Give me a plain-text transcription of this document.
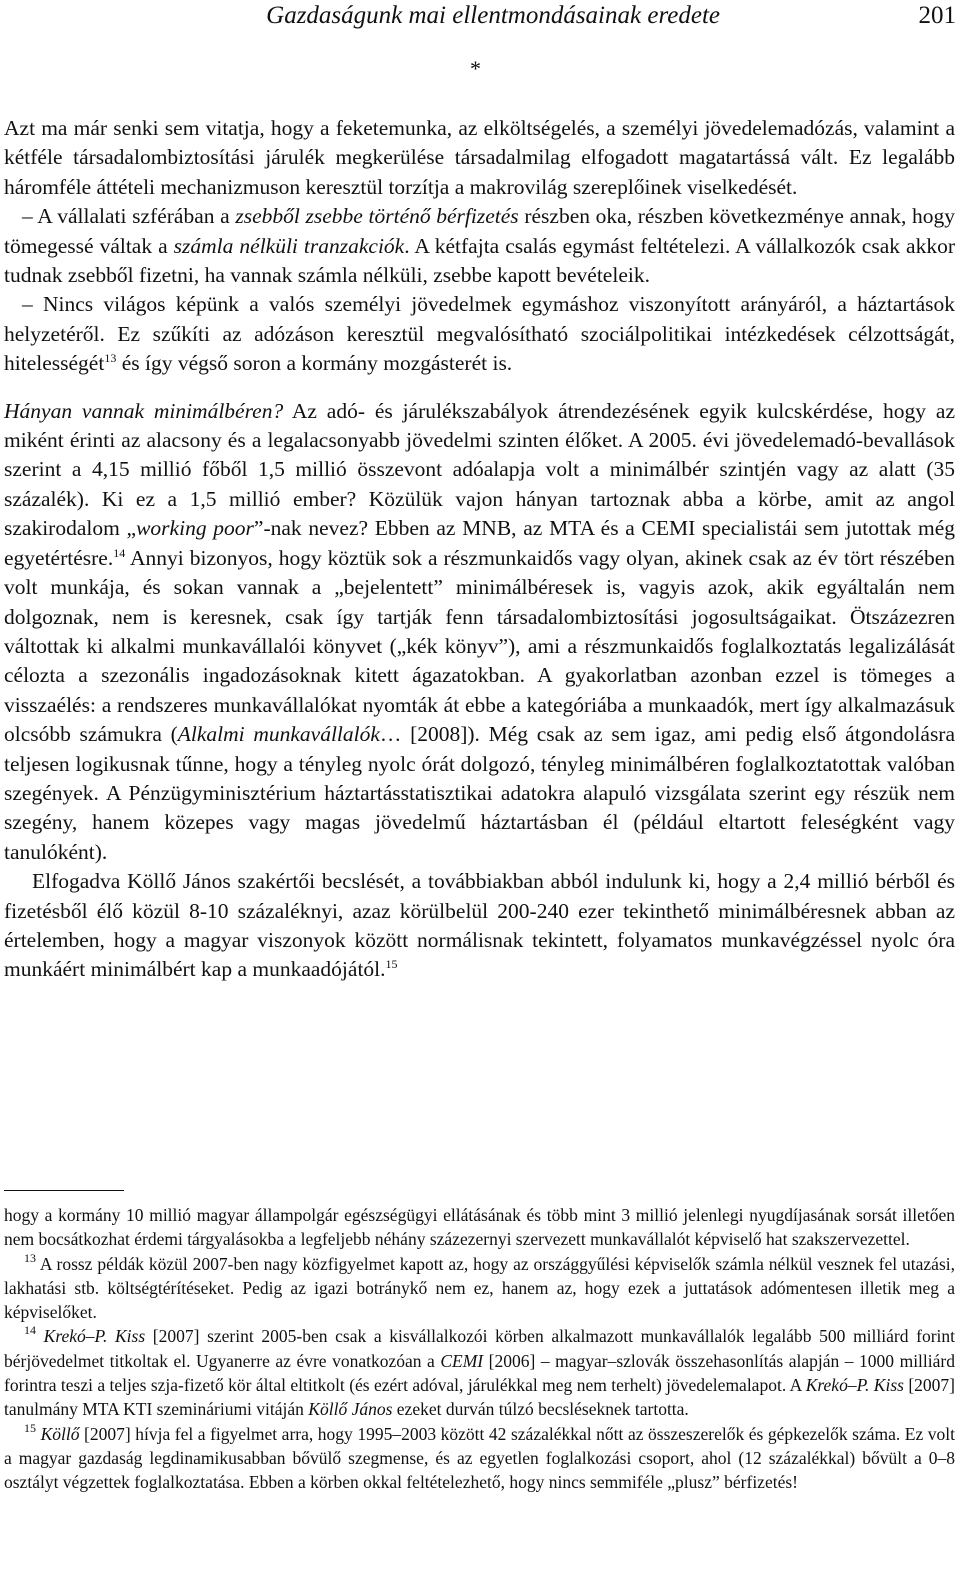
Gazdaságunk mai ellentmondásainak eredete	201
*

Azt ma már senki sem vitatja, hogy a feketemunka, az elköltségelés, a személyi jövedelemadózás, valamint a kétféle társadalombiztosítási járulék megkerülése társadalmilag elfogadott magatartássá vált. Ez legalább háromféle áttételi mechanizmuson keresztül torzítja a makrovilág szereplőinek viselkedését.

– A vállalati szférában a zsebből zsebbe történő bérfizetés részben oka, részben következménye annak, hogy tömegessé váltak a számla nélküli tranzakciók. A kétfajta csalás egymást feltételezi. A vállalkozók csak akkor tudnak zsebből fizetni, ha vannak számla nélküli, zsebbe kapott bevételeik.

– Nincs világos képünk a valós személyi jövedelmek egymáshoz viszonyított arányáról, a háztartások helyzetéről. Ez szűkíti az adózáson keresztül megvalósítható szociálpolitikai intézkedések célzottságát, hitelességét$^{13}$ és így végső soron a kormány mozgásterét is.

Hányan vannak minimálbéren? Az adó- és járulékszabályok átrendezésének egyik kulcskérdése, hogy az miként érinti az alacsony és a legalacsonyabb jövedelmi szinten élőket. A 2005. évi jövedelemadó-bevallások szerint a 4,15 millió főből 1,5 millió összevont adóalapja volt a minimálbér szintjén vagy az alatt (35 százalék). Ki ez a 1,5 millió ember? Közülük vajon hányan tartoznak abba a körbe, amit az angol szakirodalom „working poor”-nak nevez? Ebben az MNB, az MTA és a CEMI specialistái sem jutottak még egyetértésre.$^{14}$ Annyi bizonyos, hogy köztük sok a részmunkaidős vagy olyan, akinek csak az év tört részében volt munkája, és sokan vannak a „bejelentett” minimálbéresek is, vagyis azok, akik egyáltalán nem dolgoznak, nem is keresnek, csak így tartják fenn társadalombiztosítási jogosultságaikat. Ötszázezren váltottak ki alkalmi munkavállalói könyvet („kék könyv”), ami a részmunkaidős foglalkoztatás legalizálását célozta a szezonális ingadozásoknak kitett ágazatokban. A gyakorlatban azonban ezzel is tömeges a visszaélés: a rendszeres munkavállalókat nyomták át ebbe a kategóriába a munkaadók, mert így alkalmazásuk olcsóbb számukra (Alkalmi munkavállalók… [2008]). Még csak az sem igaz, ami pedig első átgondolásra teljesen logikusnak tűnne, hogy a tényleg nyolc órát dolgozó, tényleg minimálbéren foglalkoztatottak valóban szegények. A Pénzügyminisztérium háztartásstatisztikai adatokra alapuló vizsgálata szerint egy részük nem szegény, hanem közepes vagy magas jövedelmű háztartásban él (például eltartott feleségként vagy tanulóként).

Elfogadva Köllő János szakértői becslését, a továbbiakban abból indulunk ki, hogy a 2,4 millió bérből és fizetésből élő közül 8-10 százaléknyi, azaz körülbelül 200-240 ezer tekinthető minimálbéresnek abban az értelemben, hogy a magyar viszonyok között normálisnak tekintett, folyamatos munkavégzéssel nyolc óra munkáért minimálbért kap a munkaadójától.$^{15}$

hogy a kormány 10 millió magyar állampolgár egészségügyi ellátásának és több mint 3 millió jelenlegi nyugdíjasának sorsát illetően nem bocsátkozhat érdemi tárgyalásokba a legfeljebb néhány százezernyi szervezett munkavállalót képviselő hat szakszervezettel.

$^{13}$ A rossz példák közül 2007-ben nagy közfigyelmet kapott az, hogy az országgyűlési képviselők számla nélkül vesznek fel utazási, lakhatási stb. költségtérítéseket. Pedig az igazi botránykő nem ez, hanem az, hogy ezek a juttatások adómentesen illetik meg a képviselőket.

$^{14}$ Krekó–P. Kiss [2007] szerint 2005-ben csak a kisvállalkozói körben alkalmazott munkavállalók legalább 500 milliárd forint bérjövedelmet titkoltak el. Ugyanerre az évre vonatkozóan a CEMI [2006] – magyar–szlovák összehasonlítás alapján – 1000 milliárd forintra teszi a teljes szja-fizető kör által eltitkolt (és ezért adóval, járulékkal meg nem terhelt) jövedelemalapot. A Krekó–P. Kiss [2007] tanulmány MTA KTI szemináriumi vitáján Köllő János ezeket durván túlzó becsléseknek tartotta.

$^{15}$ Köllő [2007] hívja fel a figyelmet arra, hogy 1995–2003 között 42 százalékkal nőtt az összeszerelők és gépkezelők száma. Ez volt a magyar gazdaság legdinamikusabban bővülő szegmense, és az egyetlen foglalkozási csoport, ahol (12 százalékkal) bővült a 0–8 osztályt végzettek foglalkoztatása. Ebben a körben okkal feltételezhető, hogy nincs semmiféle „plusz” bérfizetés!
